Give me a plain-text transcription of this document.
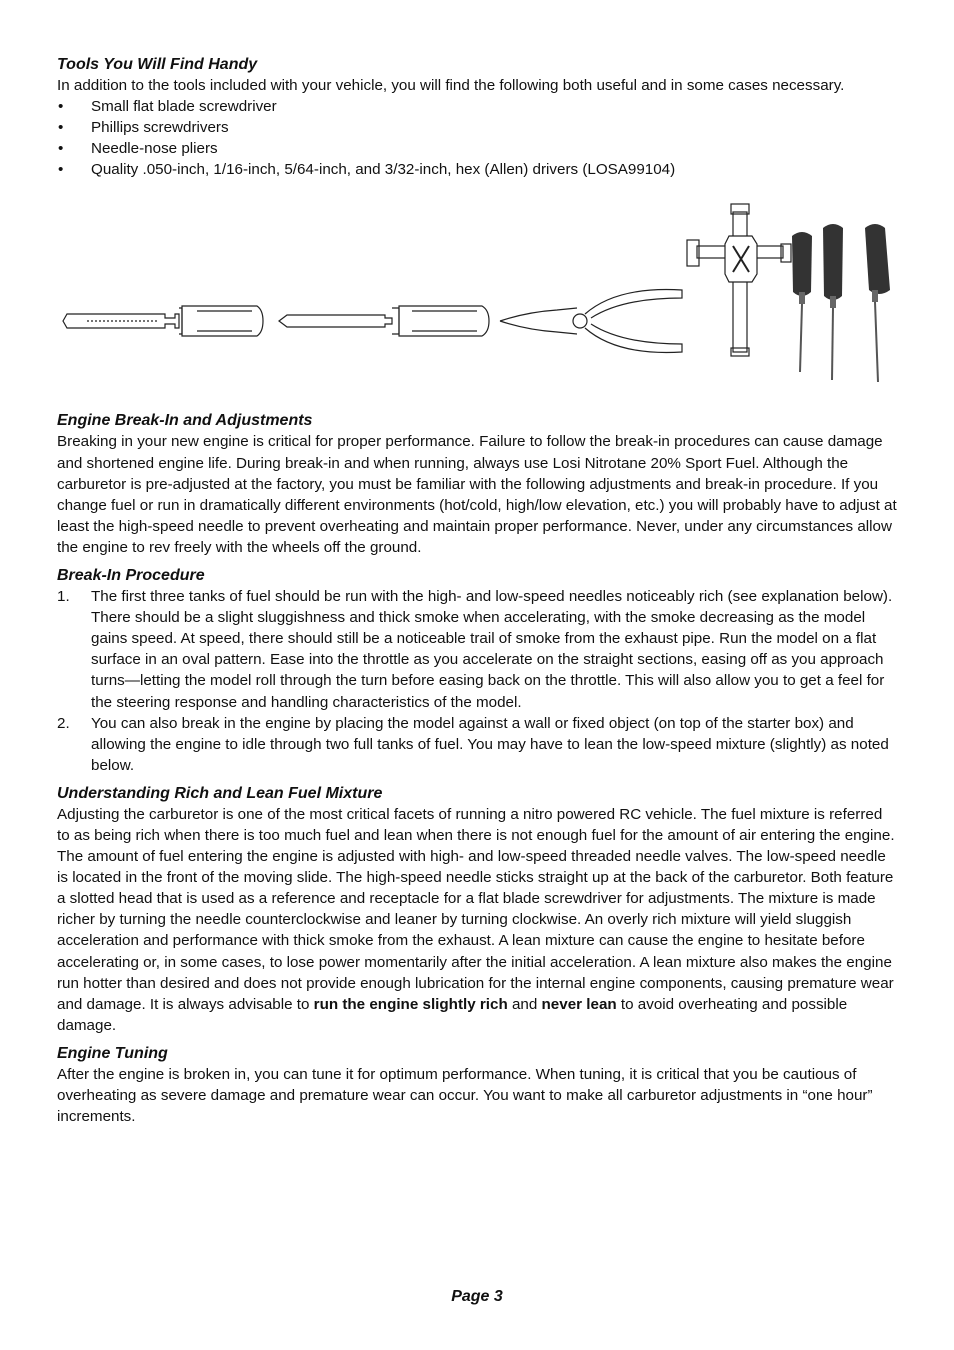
Tools You Will Find Handy

In addition to the tools included with your vehicle, you will find the following both useful and in some cases necessary.

• Small flat blade screwdriver
• Phillips screwdrivers
• Needle-nose pliers
• Quality .050-inch, 1/16-inch, 5/64-inch, and 3/32-inch, hex (Allen) drivers (LOSA99104)
Engine Break-In and Adjustments

Breaking in your new engine is critical for proper performance. Failure to follow the break-in procedures can cause damage and shortened engine life. During break-in and when running, always use Losi Nitrotane 20% Sport Fuel. Although the carburetor is pre-adjusted at the factory, you must be familiar with the following adjustments and break-in procedure. If you change fuel or run in dramatically different environments (hot/cold, high/low elevation, etc.) you will probably have to adjust at least the high-speed needle to prevent overheating and maintain proper performance. Never, under any circumstances allow the engine to rev freely with the wheels off the ground.

Break-In Procedure
1. The first three tanks of fuel should be run with the high- and low-speed needles noticeably rich (see explanation below). There should be a slight sluggishness and thick smoke when accelerating, with the smoke decreasing as the model gains speed. At speed, there should still be a noticeable trail of smoke from the exhaust pipe. Run the model on a flat surface in an oval pattern. Ease into the throttle as you accelerate on the straight sections, easing off as you approach turns—letting the model roll through the turn before easing back on the throttle. This will also allow you to get a feel for the steering response and handling characteristics of the model.
2. You can also break in the engine by placing the model against a wall or fixed object (on top of the starter box) and allowing the engine to idle through two full tanks of fuel. You may have to lean the low-speed mixture (slightly) as noted below.
Understanding Rich and Lean Fuel Mixture

Adjusting the carburetor is one of the most critical facets of running a nitro powered RC vehicle. The fuel mixture is referred to as being rich when there is too much fuel and lean when there is not enough fuel for the amount of air entering the engine. The amount of fuel entering the engine is adjusted with high- and low-speed threaded needle valves. The low-speed needle is located in the front of the moving slide. The high-speed needle sticks straight up at the back of the carburetor. Both feature a slotted head that is used as a reference and receptacle for a flat blade screwdriver for adjustments. The mixture is made richer by turning the needle counterclockwise and leaner by turning clockwise. An overly rich mixture will yield sluggish acceleration and performance with thick smoke from the exhaust. A lean mixture can cause the engine to hesitate before accelerating or, in some cases, to lose power momentarily after the initial acceleration. A lean mixture also makes the engine run hotter than desired and does not provide enough lubrication for the internal engine components, causing premature wear and damage. It is always advisable to run the engine slightly rich and never lean to avoid overheating and possible damage.

Engine Tuning

After the engine is broken in, you can tune it for optimum performance. When tuning, it is critical that you be cautious of overheating as severe damage and premature wear can occur. You want to make all carburetor adjustments in “one hour” increments.

Page 3
